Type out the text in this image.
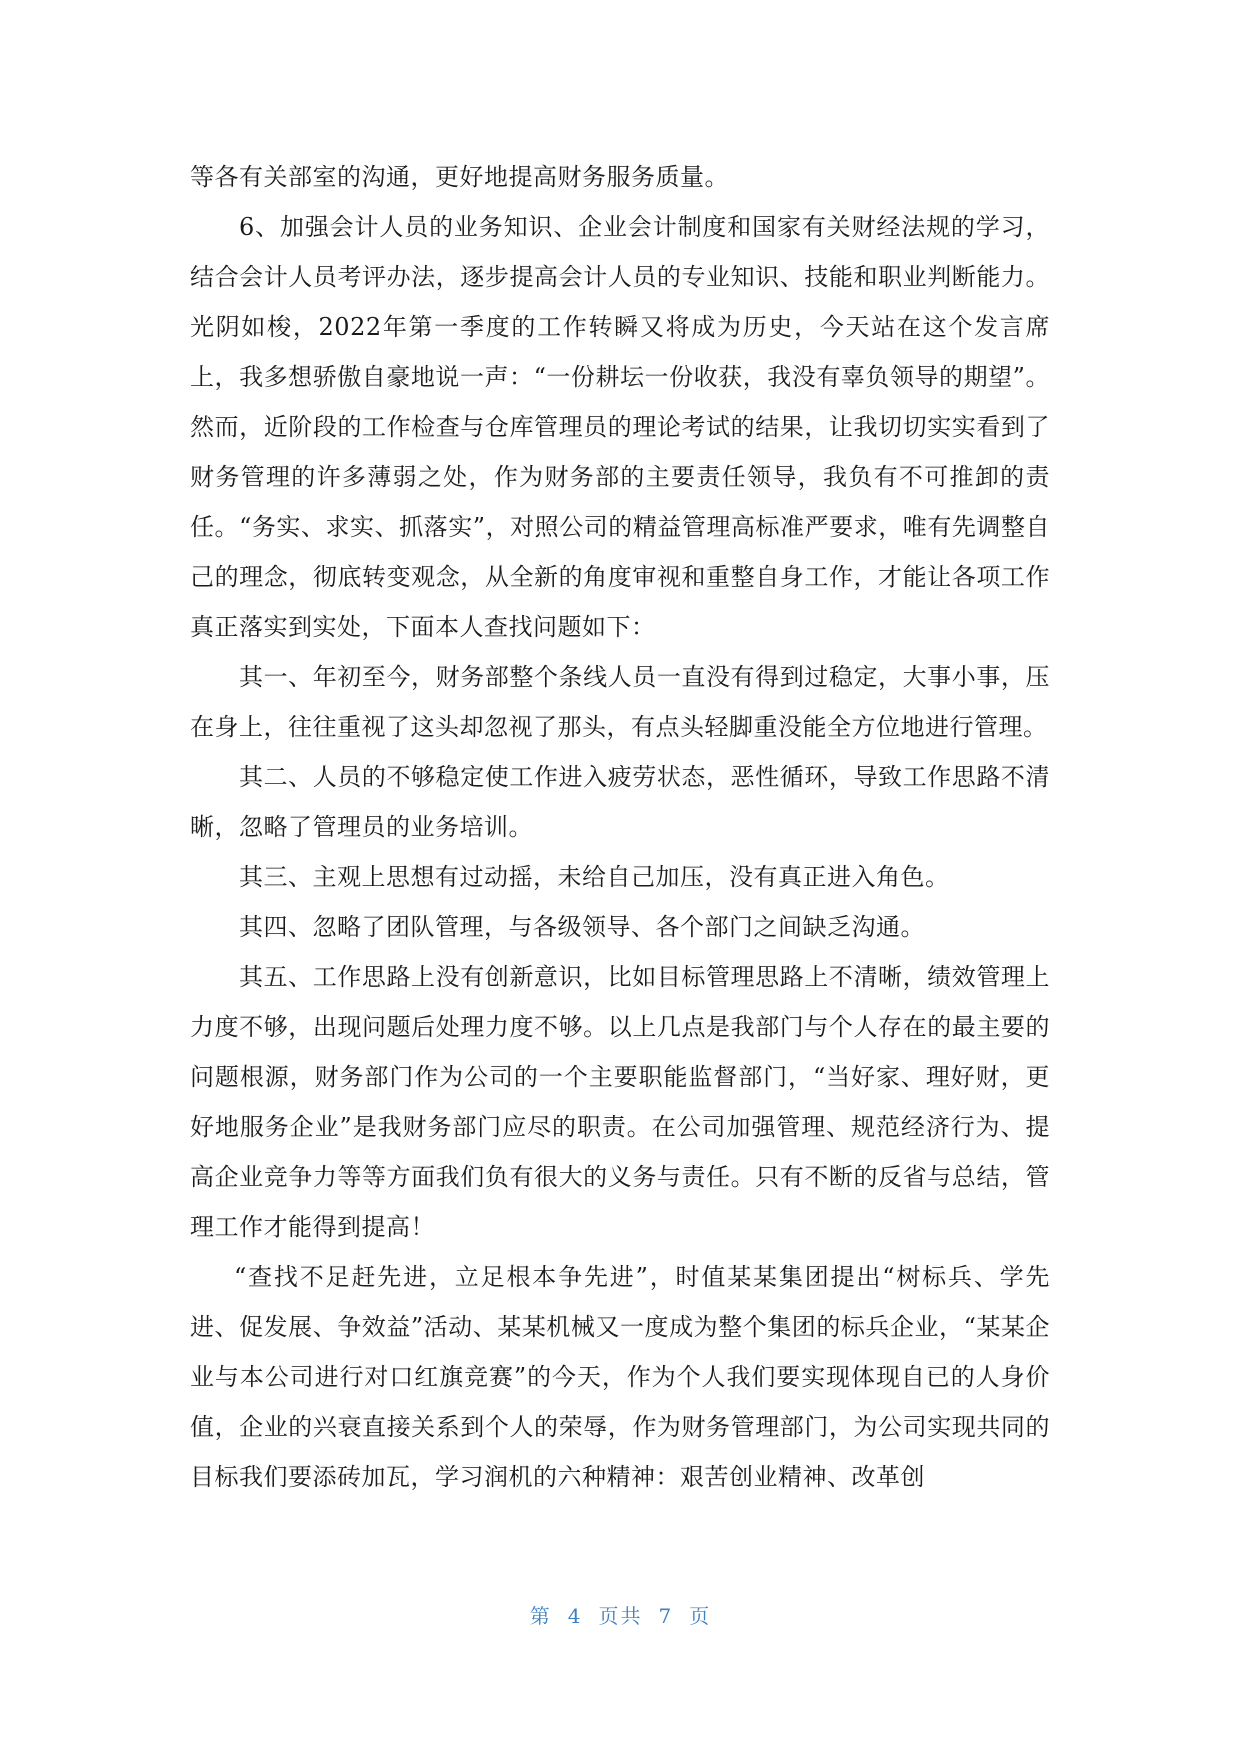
等各有关部室的沟通，更好地提高财务服务质量。

6、加强会计人员的业务知识、企业会计制度和国家有关财经法规的学习，结合会计人员考评办法，逐步提高会计人员的专业知识、技能和职业判断能力。光阴如梭，2022年第一季度的工作转瞬又将成为历史，今天站在这个发言席上，我多想骄傲自豪地说一声：“一份耕坛一份收获，我没有辜负领导的期望”。然而，近阶段的工作检查与仓库管理员的理论考试的结果，让我切切实实看到了财务管理的许多薄弱之处，作为财务部的主要责任领导，我负有不可推卸的责任。“务实、求实、抓落实”，对照公司的精益管理高标准严要求，唯有先调整自己的理念，彻底转变观念，从全新的角度审视和重整自身工作，才能让各项工作真正落实到实处，下面本人查找问题如下：

其一、年初至今，财务部整个条线人员一直没有得到过稳定，大事小事，压在身上，往往重视了这头却忽视了那头，有点头轻脚重没能全方位地进行管理。

其二、人员的不够稳定使工作进入疲劳状态，恶性循环，导致工作思路不清晰，忽略了管理员的业务培训。

其三、主观上思想有过动摇，未给自己加压，没有真正进入角色。

其四、忽略了团队管理，与各级领导、各个部门之间缺乏沟通。

其五、工作思路上没有创新意识，比如目标管理思路上不清晰，绩效管理上力度不够，出现问题后处理力度不够。以上几点是我部门与个人存在的最主要的问题根源，财务部门作为公司的一个主要职能监督部门，“当好家、理好财，更好地服务企业”是我财务部门应尽的职责。在公司加强管理、规范经济行为、提高企业竞争力等等方面我们负有很大的义务与责任。只有不断的反省与总结，管理工作才能得到提高！

“查找不足赶先进，立足根本争先进”，时值某某集团提出“树标兵、学先进、促发展、争效益”活动、某某机械又一度成为整个集团的标兵企业，“某某企业与本公司进行对口红旗竞赛”的今天，作为个人我们要实现体现自已的人身价值，企业的兴衰直接关系到个人的荣辱，作为财务管理部门，为公司实现共同的目标我们要添砖加瓦，学习润机的六种精神：艰苦创业精神、改革创

第 4 页共 7 页
